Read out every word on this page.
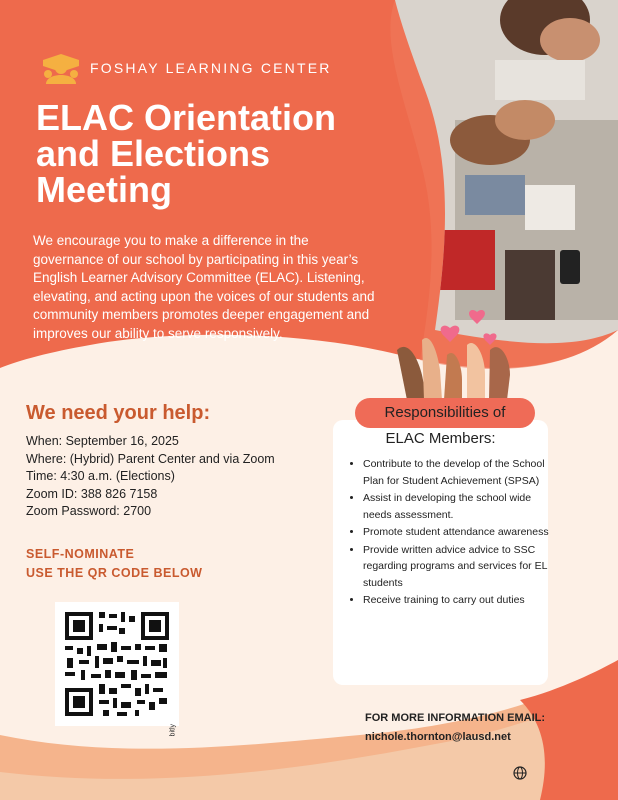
FOSHAY LEARNING CENTER
ELAC Orientation
and Elections
Meeting
We encourage you to make a difference in the governance of our school by participating in this year’s English Learner Advisory Committee (ELAC). Listening, elevating, and acting upon the voices of our students and community members promotes deeper engagement and improves our ability to serve responsively.
We need your help:
When: September 16, 2025
Where: (Hybrid) Parent Center and via Zoom
Time: 4:30 a.m. (Elections)
Zoom ID: 388 826 7158
Zoom Password: 2700
SELF-NOMINATE
USE THE QR CODE BELOW
bitly
Responsibilities of
ELAC Members:
• Contribute to the develop of the School Plan for Student Achievement (SPSA)
• Assist in developing the school wide needs assessment.
• Promote student attendance awareness
• Provide written advice advice to SSC regarding programs and services for EL students
• Receive training to carry out duties
FOR MORE INFORMATION EMAIL:
nichole.thornton@lausd.net
